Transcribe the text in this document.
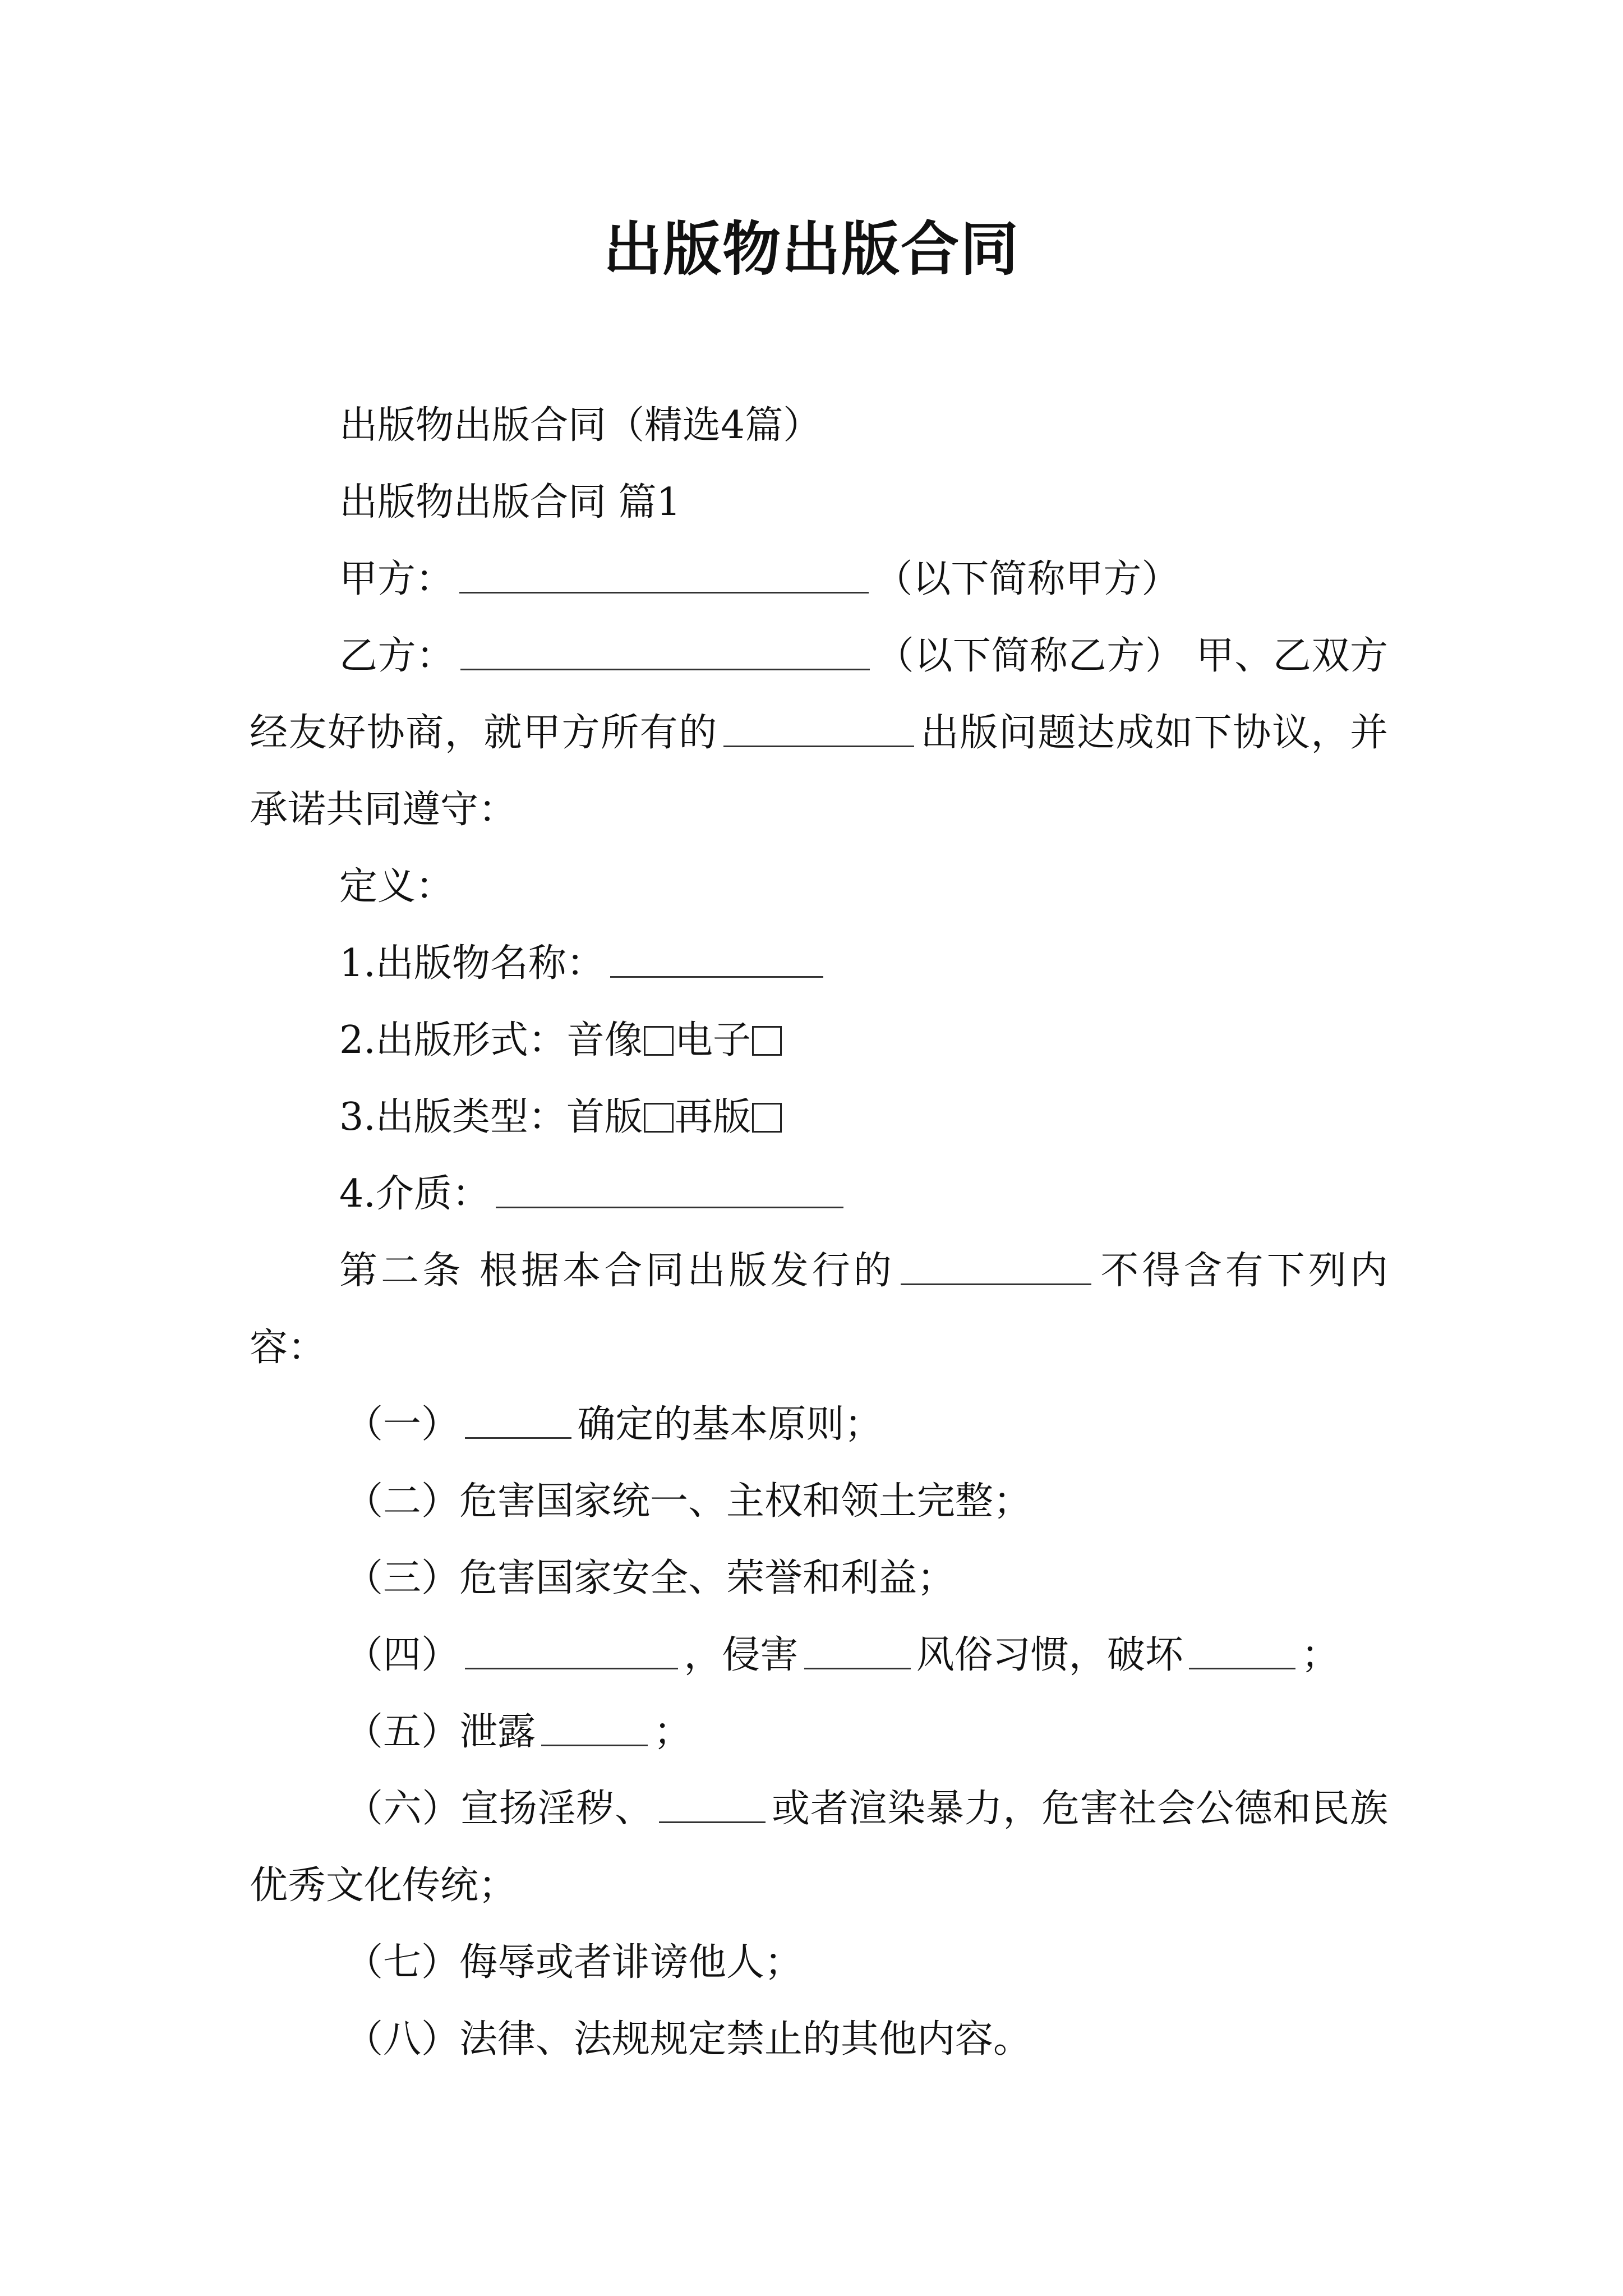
出版物出版合同

出版物出版合同（精选4篇）

出版物出版合同 篇1

甲方：	（以下简称甲方）

乙方：	（以下简称乙方） 甲、乙双方经友好协商，就甲方所有的	出版问题达成如下协议，并承诺共同遵守：

定义：

1.出版物名称：

2.出版形式：音像 电子

3.出版类型：首版 再版

4.介质：

第二条 根据本合同出版发行的	不得含有下列内容：

（一）	确定的基本原则；

（二）危害国家统一、主权和领土完整；

（三）危害国家安全、荣誉和利益；

（四）	，侵害	风俗习惯，破坏	；

（五）泄露	；

（六）宣扬淫秽、	或者渲染暴力，危害社会公德和民族优秀文化传统；

（七）侮辱或者诽谤他人；

（八）法律、法规规定禁止的其他内容。
